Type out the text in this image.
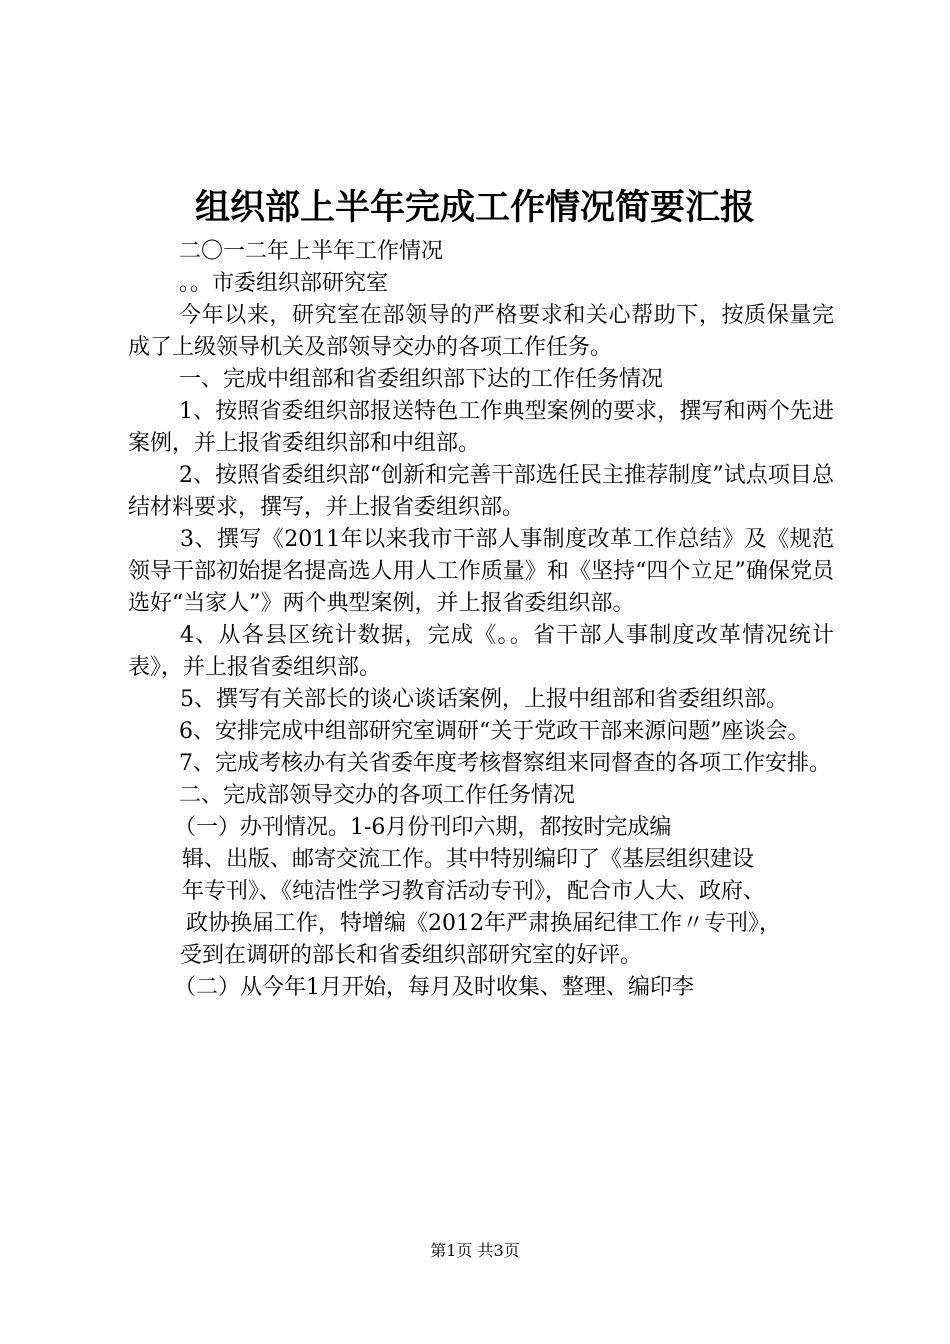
组织部上半年完成工作情况简要汇报

二〇一二年上半年工作情况

。。市委组织部研究室

今年以来，研究室在部领导的严格要求和关心帮助下，按质保量完成了上级领导机关及部领导交办的各项工作任务。

一、完成中组部和省委组织部下达的工作任务情况

1、按照省委组织部报送特色工作典型案例的要求，撰写和两个先进案例，并上报省委组织部和中组部。

2、按照省委组织部“创新和完善干部选任民主推荐制度”试点项目总结材料要求，撰写，并上报省委组织部。

3、撰写《2011年以来我市干部人事制度改革工作总结》及《规范领导干部初始提名提高选人用人工作质量》和《坚持“四个立足”确保党员选好“当家人”》两个典型案例，并上报省委组织部。

4、从各县区统计数据，完成《。。省干部人事制度改革情况统计表》，并上报省委组织部。

5、撰写有关部长的谈心谈话案例，上报中组部和省委组织部。

6、安排完成中组部研究室调研“关于党政干部来源问题”座谈会。

7、完成考核办有关省委年度考核督察组来同督查的各项工作安排。

二、完成部领导交办的各项工作任务情况

（一）办刊情况。1-6月份刊印六期，都按时完成编

辑、出版、邮寄交流工作。其中特别编印了《基层组织建设

年专刊》、《纯洁性学习教育活动专刊》，配合市人大、政府、

政协换届工作，特增编《2012年严肃换届纪律工作〃专刊》，

受到在调研的部长和省委组织部研究室的好评。

（二）从今年1月开始，每月及时收集、整理、编印李

第1页 共3页
